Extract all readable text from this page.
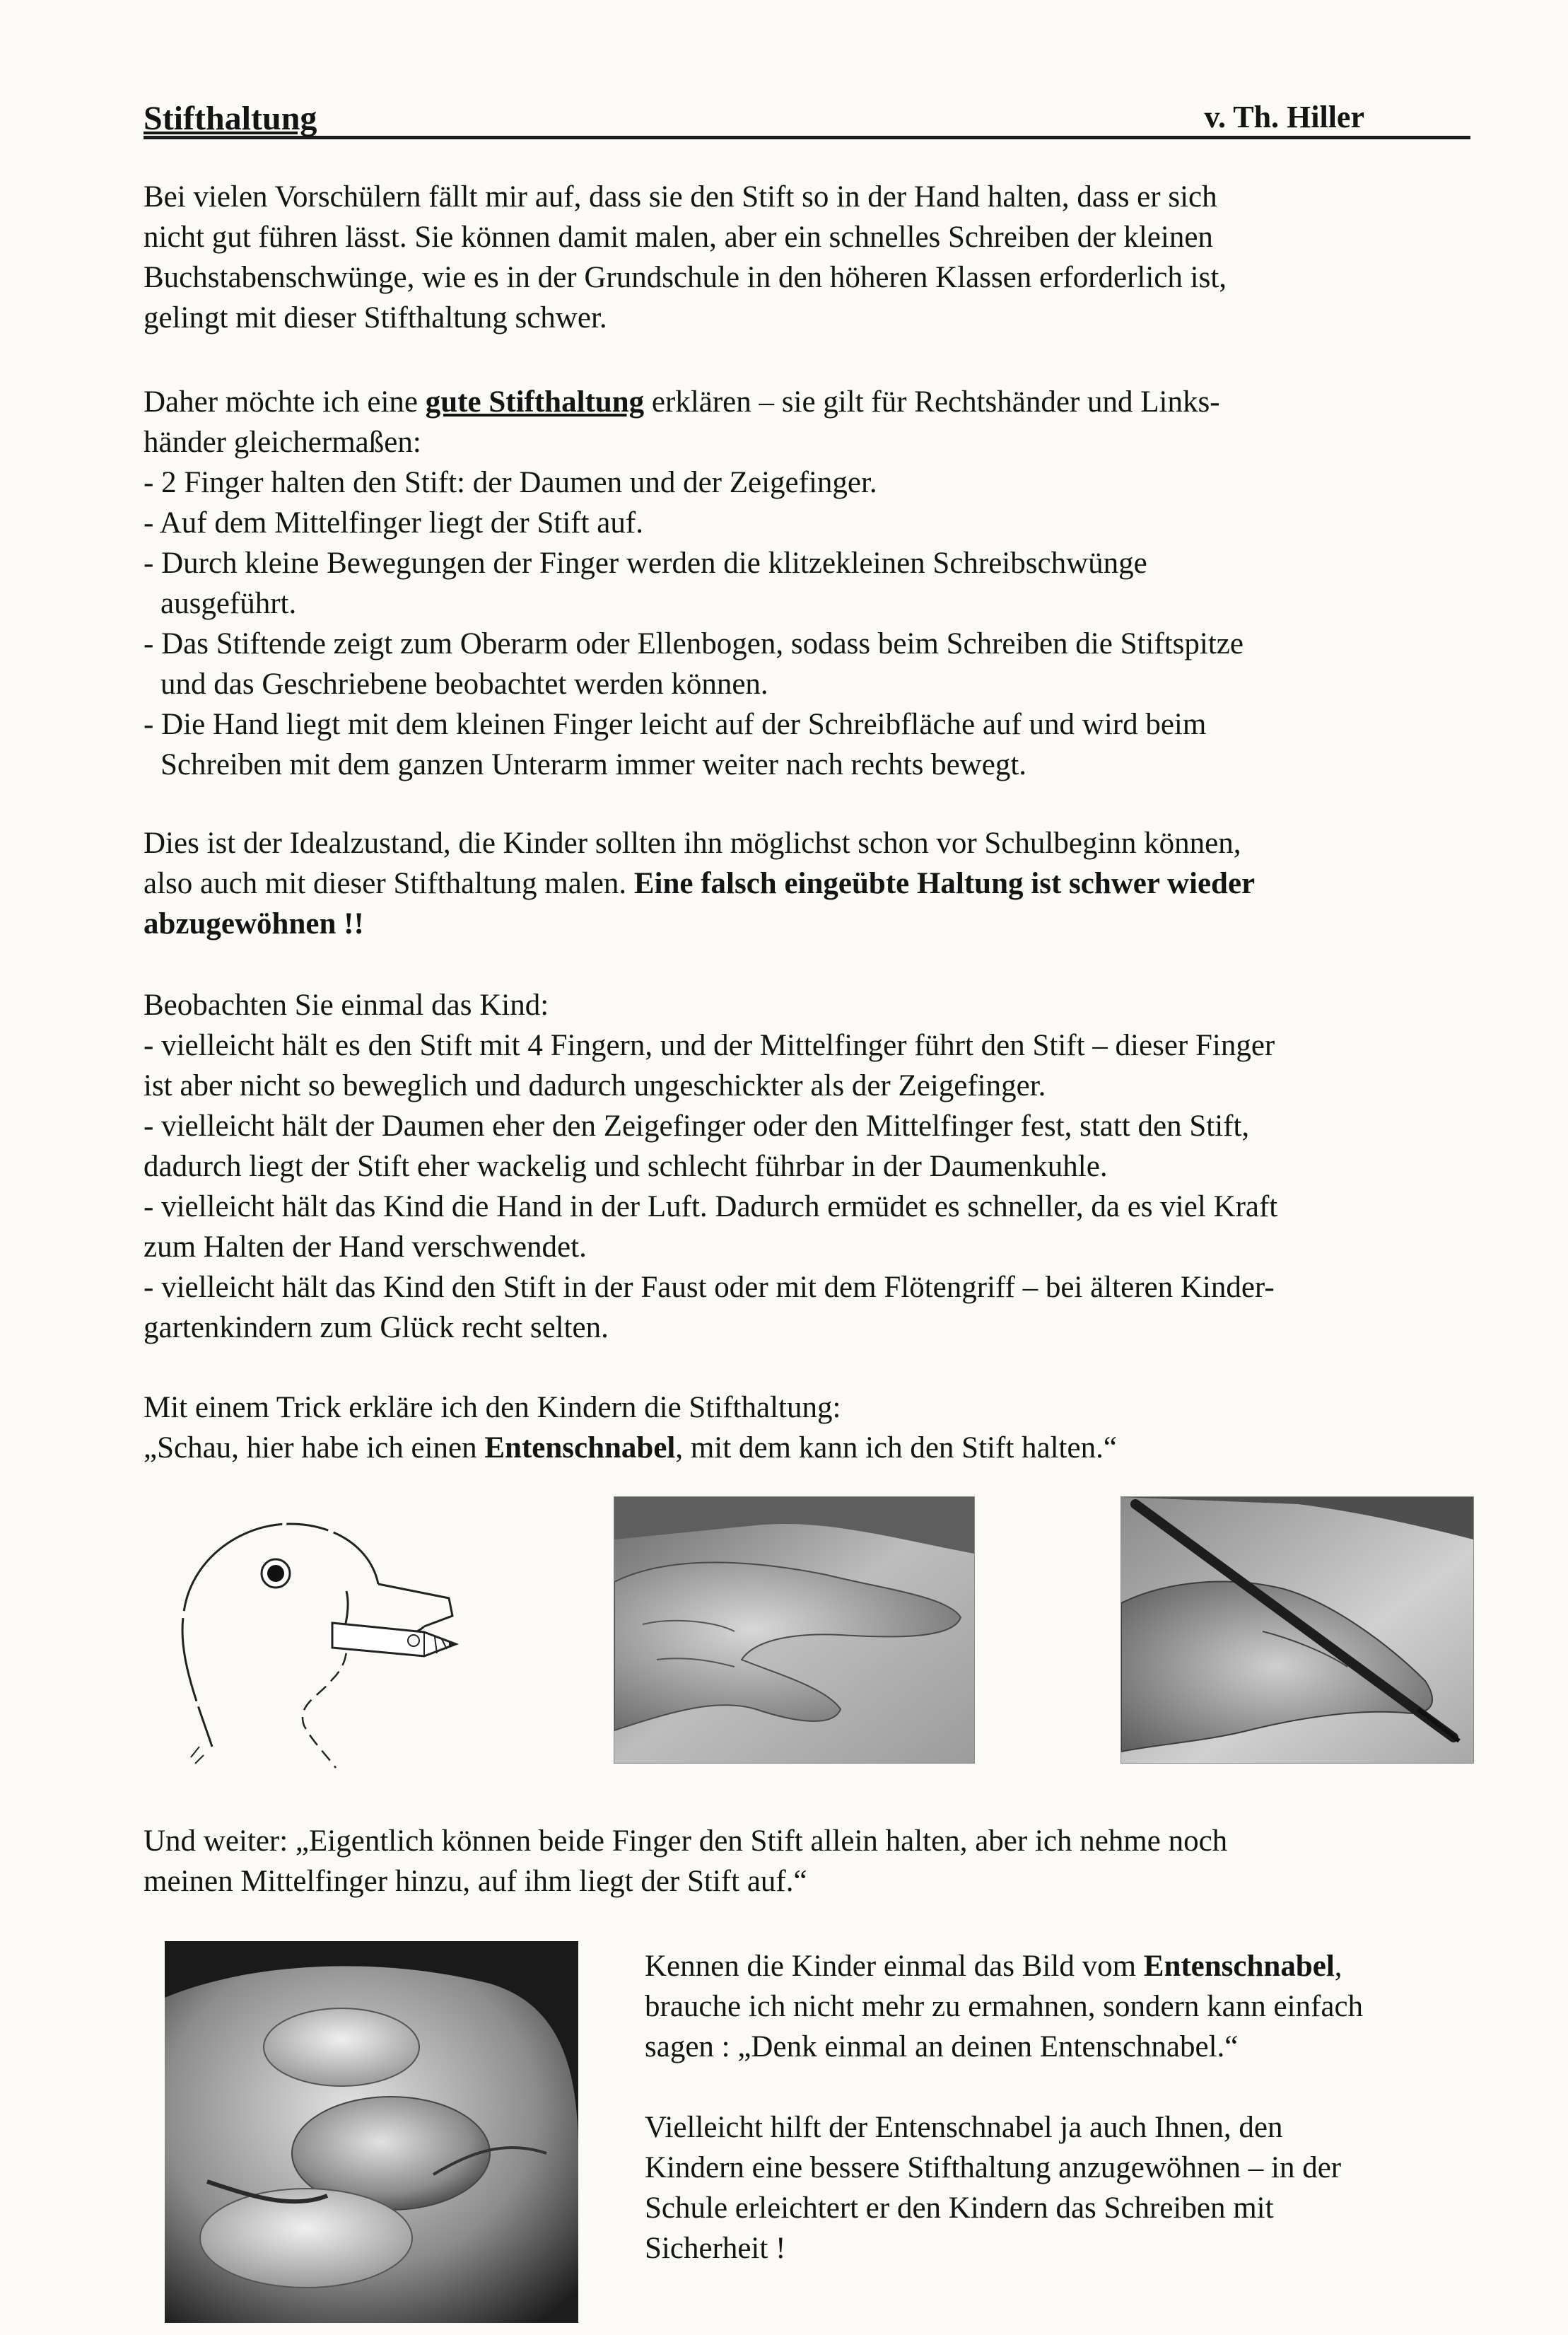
Stifthaltung	v. Th. Hiller

Bei vielen Vorschülern fällt mir auf, dass sie den Stift so in der Hand halten, dass er sich

nicht gut führen lässt. Sie können damit malen, aber ein schnelles Schreiben der kleinen

Buchstabenschwünge, wie es in der Grundschule in den höheren Klassen erforderlich ist,

gelingt mit dieser Stifthaltung schwer.

Daher möchte ich eine gute Stifthaltung erklären – sie gilt für Rechtshänder und Links-
händer gleichermaßen:
- 2 Finger halten den Stift: der Daumen und der Zeigefinger.
- Auf dem Mittelfinger liegt der Stift auf.
- Durch kleine Bewegungen der Finger werden die klitzekleinen Schreibschwünge
ausgeführt.
- Das Stiftende zeigt zum Oberarm oder Ellenbogen, sodass beim Schreiben die Stiftspitze
und das Geschriebene beobachtet werden können.
- Die Hand liegt mit dem kleinen Finger leicht auf der Schreibfläche auf und wird beim
Schreiben mit dem ganzen Unterarm immer weiter nach rechts bewegt.
Dies ist der Idealzustand, die Kinder sollten ihn möglichst schon vor Schulbeginn können,
also auch mit dieser Stifthaltung malen. Eine falsch eingeübte Haltung ist schwer wieder
abzugewöhnen !!
Beobachten Sie einmal das Kind:
- vielleicht hält es den Stift mit 4 Fingern, und der Mittelfinger führt den Stift – dieser Finger
ist aber nicht so beweglich und dadurch ungeschickter als der Zeigefinger.
- vielleicht hält der Daumen eher den Zeigefinger oder den Mittelfinger fest, statt den Stift,
dadurch liegt der Stift eher wackelig und schlecht führbar in der Daumenkuhle.
- vielleicht hält das Kind die Hand in der Luft. Dadurch ermüdet es schneller, da es viel Kraft
zum Halten der Hand verschwendet.
- vielleicht hält das Kind den Stift in der Faust oder mit dem Flötengriff – bei älteren Kinder-
gartenkindern zum Glück recht selten.
Mit einem Trick erkläre ich den Kindern die Stifthaltung:
„Schau, hier habe ich einen Entenschnabel, mit dem kann ich den Stift halten.“
Und weiter: „Eigentlich können beide Finger den Stift allein halten, aber ich nehme noch
meinen Mittelfinger hinzu, auf ihm liegt der Stift auf.“
Kennen die Kinder einmal das Bild vom Entenschnabel,
brauche ich nicht mehr zu ermahnen, sondern kann einfach
sagen : „Denk einmal an deinen Entenschnabel.“
Vielleicht hilft der Entenschnabel ja auch Ihnen, den
Kindern eine bessere Stifthaltung anzugewöhnen – in der
Schule erleichtert er den Kindern das Schreiben mit
Sicherheit !
